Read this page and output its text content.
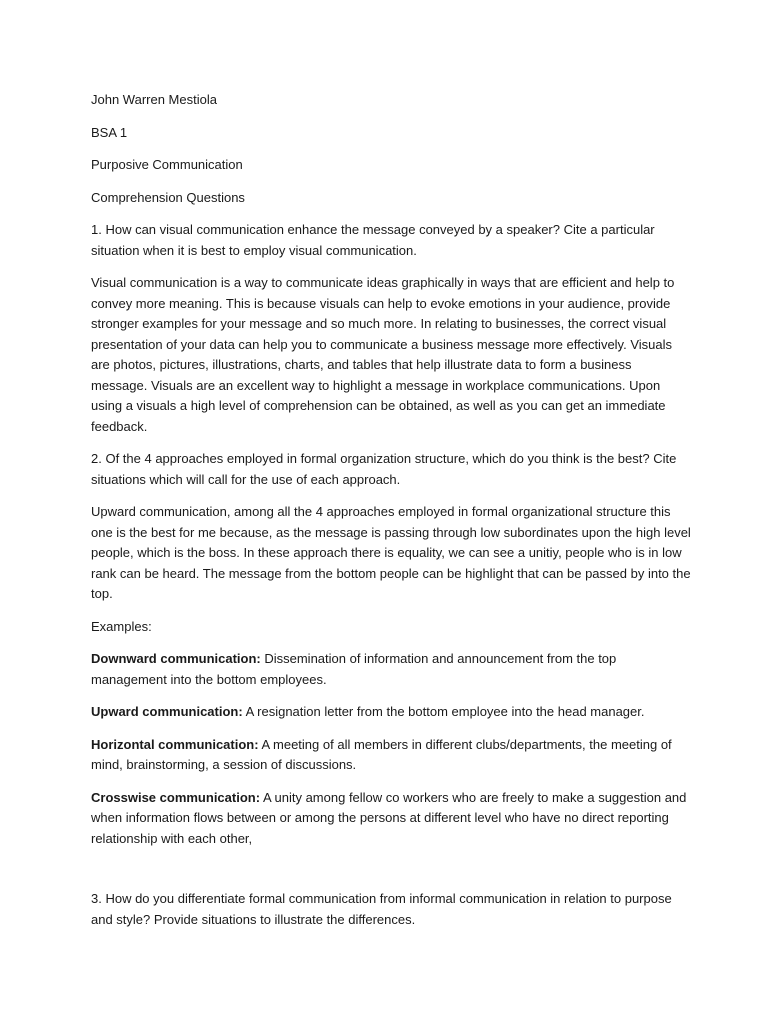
John Warren Mestiola

BSA 1

Purposive Communication

Comprehension Questions

1. How can visual communication enhance the message conveyed by a speaker? Cite a particular situation when it is best to employ visual communication.

Visual communication is a way to communicate ideas graphically in ways that are efficient and help to convey more meaning. This is because visuals can help to evoke emotions in your audience, provide stronger examples for your message and so much more. In relating to businesses, the correct visual presentation of your data can help you to communicate a business message more effectively. Visuals are photos, pictures, illustrations, charts, and tables that help illustrate data to form a business message. Visuals are an excellent way to highlight a message in workplace communications. Upon using a visuals a high level of comprehension can be obtained, as well as you can get an immediate feedback.

2. Of the 4 approaches employed in formal organization structure, which do you think is the best? Cite situations which will call for the use of each approach.

Upward communication, among all the 4 approaches employed in formal organizational structure this one is the best for me because, as the message is passing through low subordinates upon the high level people, which is the boss. In these approach there is equality, we can see a unitiy, people who is in low rank can be heard. The message from the bottom people can be highlight that can be passed by into the top.

Examples:

Downward communication: Dissemination of information and announcement from the top management into the bottom employees.

Upward communication: A resignation letter from the bottom employee into the head manager.

Horizontal communication: A meeting of all members in different clubs/departments, the meeting of mind, brainstorming, a session of discussions.

Crosswise communication: A unity among fellow co workers who are freely to make a suggestion and when information flows between or among the persons at different level who have no direct reporting relationship with each other,

3. How do you differentiate formal communication from informal communication in relation to purpose and style? Provide situations to illustrate the differences.
